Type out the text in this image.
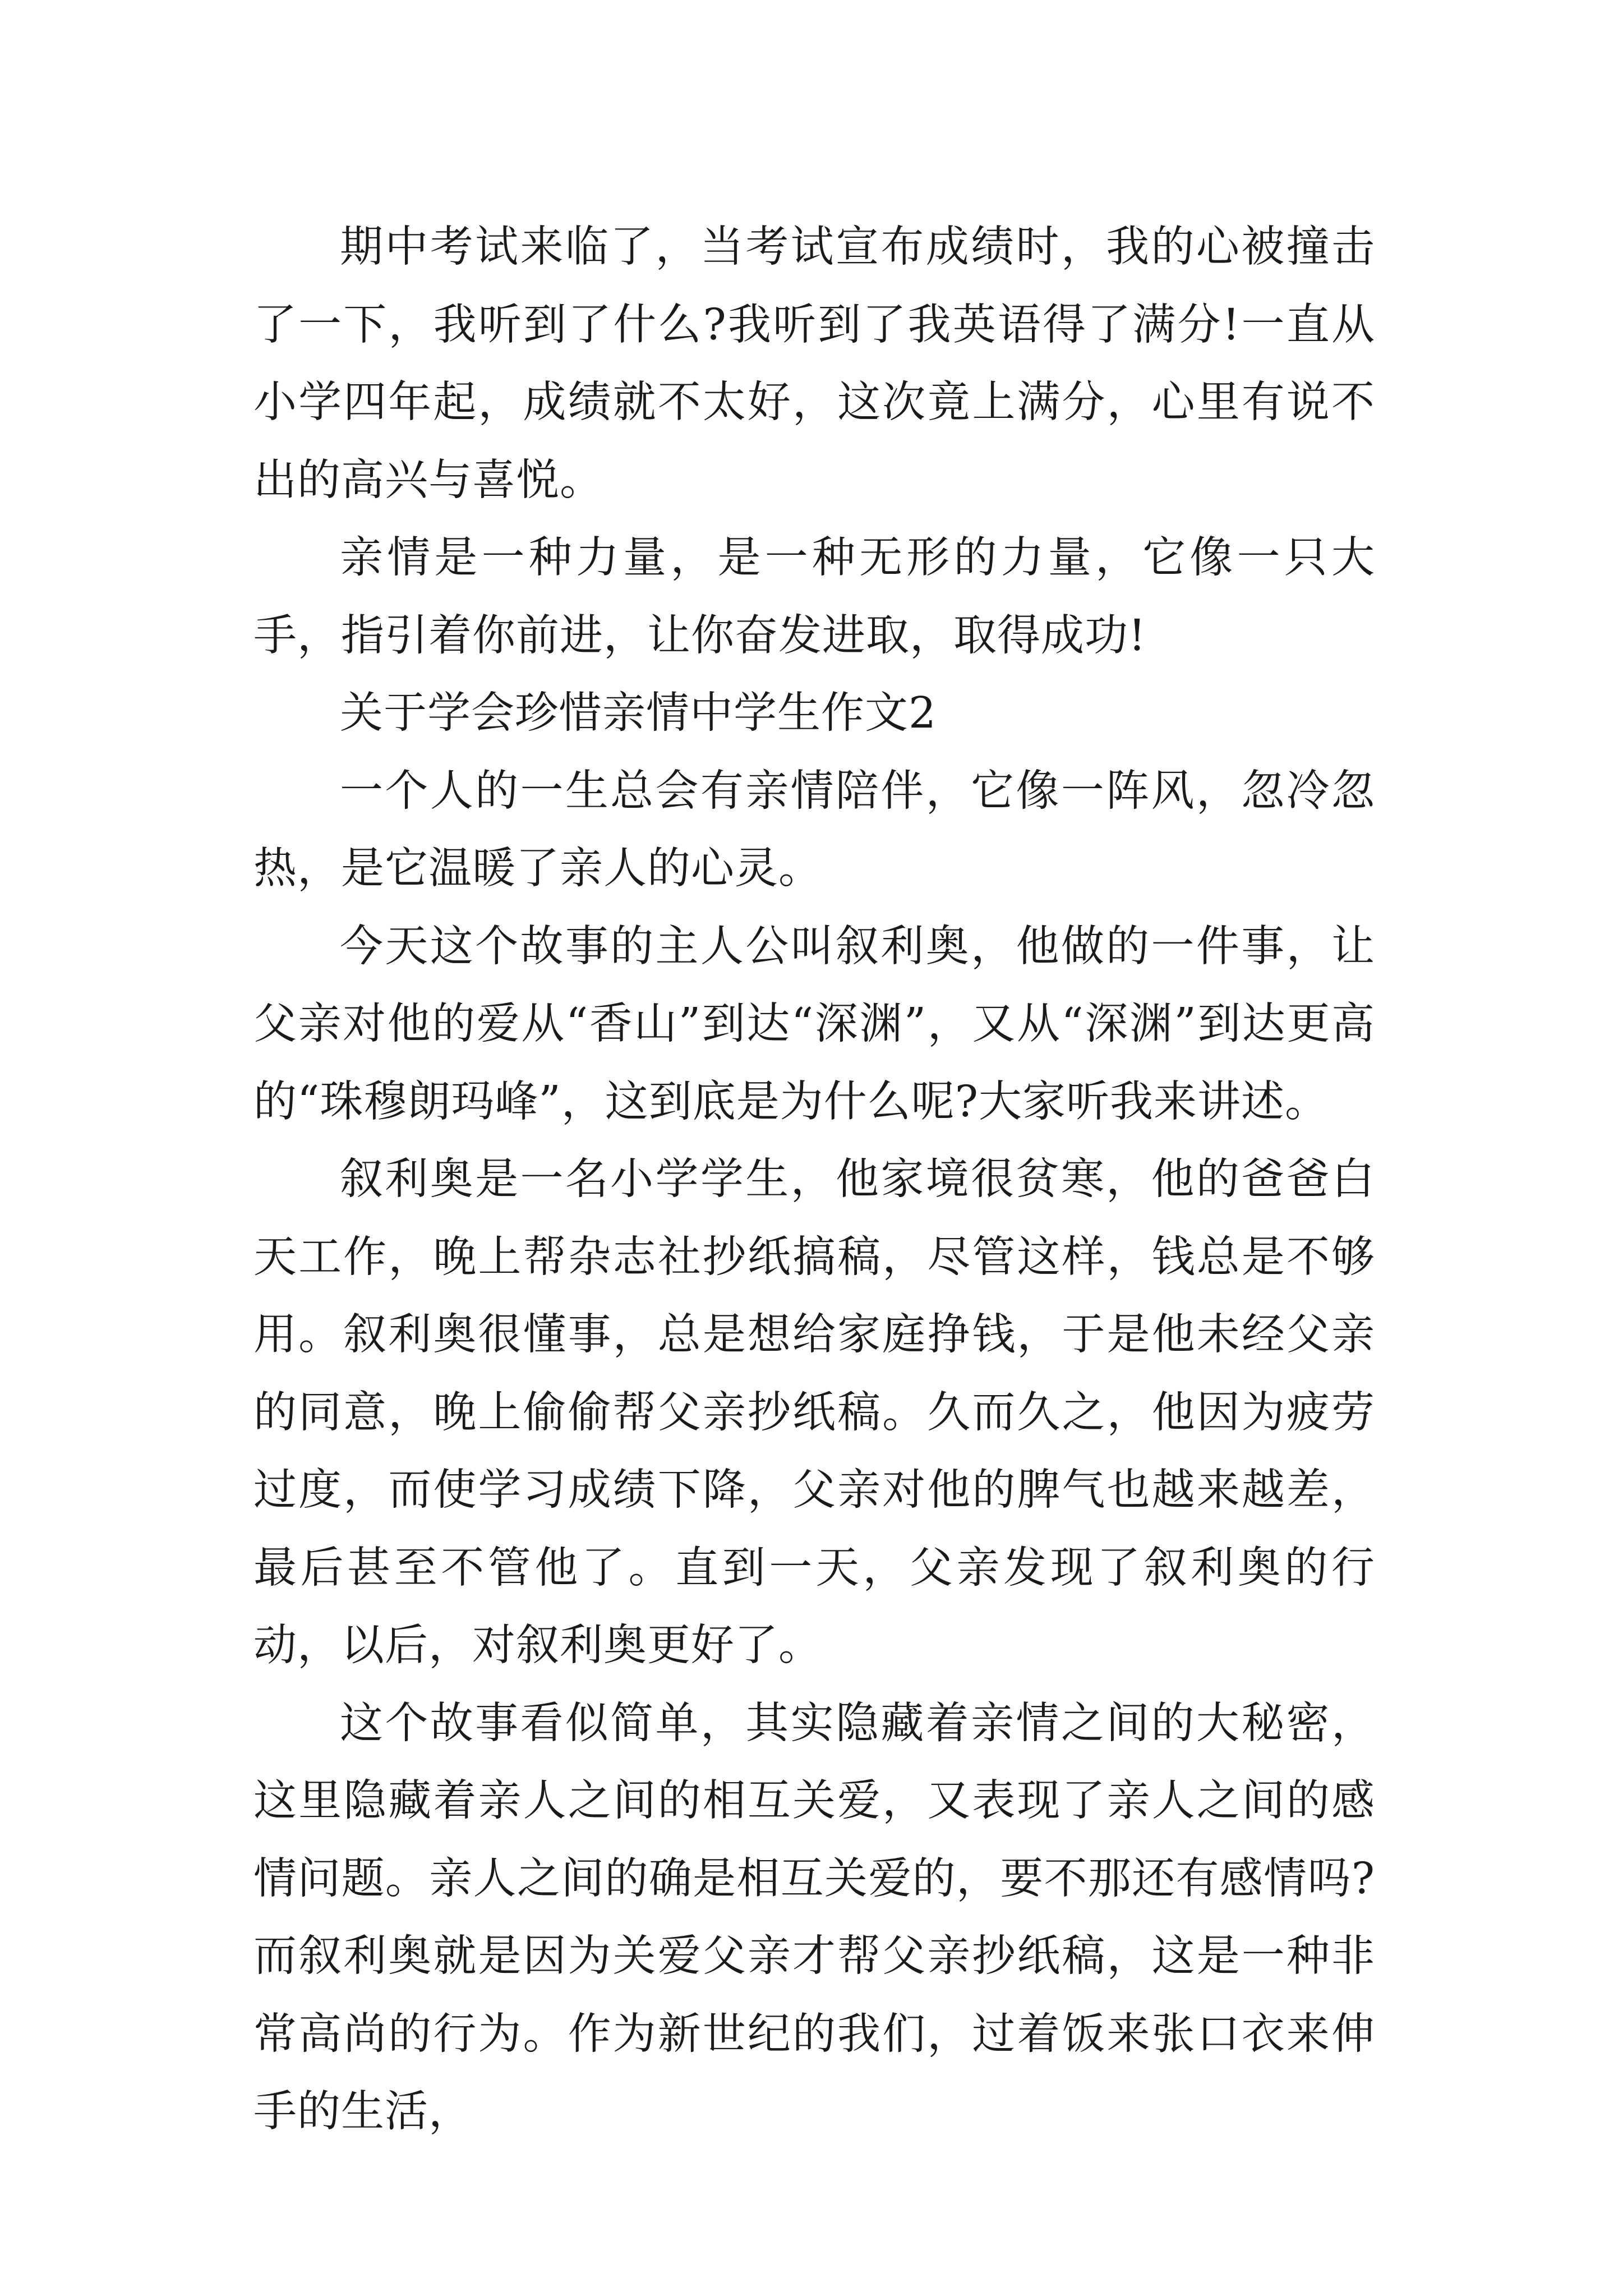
期中考试来临了，当考试宣布成绩时，我的心被撞击了一下，我听到了什么?我听到了我英语得了满分!一直从小学四年起，成绩就不太好，这次竟上满分，心里有说不出的高兴与喜悦。

亲情是一种力量，是一种无形的力量，它像一只大手，指引着你前进，让你奋发进取，取得成功!

关于学会珍惜亲情中学生作文2

一个人的一生总会有亲情陪伴，它像一阵风，忽冷忽热，是它温暖了亲人的心灵。

今天这个故事的主人公叫叙利奥，他做的一件事，让父亲对他的爱从“香山”到达“深渊”，又从“深渊”到达更高的“珠穆朗玛峰”，这到底是为什么呢?大家听我来讲述。

叙利奥是一名小学学生，他家境很贫寒，他的爸爸白天工作，晚上帮杂志社抄纸搞稿，尽管这样，钱总是不够用。叙利奥很懂事，总是想给家庭挣钱，于是他未经父亲的同意，晚上偷偷帮父亲抄纸稿。久而久之，他因为疲劳过度，而使学习成绩下降，父亲对他的脾气也越来越差，最后甚至不管他了。直到一天，父亲发现了叙利奥的行动，以后，对叙利奥更好了。

这个故事看似简单，其实隐藏着亲情之间的大秘密，这里隐藏着亲人之间的相互关爱，又表现了亲人之间的感情问题。亲人之间的确是相互关爱的，要不那还有感情吗?而叙利奥就是因为关爱父亲才帮父亲抄纸稿，这是一种非常高尚的行为。作为新世纪的我们，过着饭来张口衣来伸手的生活，
